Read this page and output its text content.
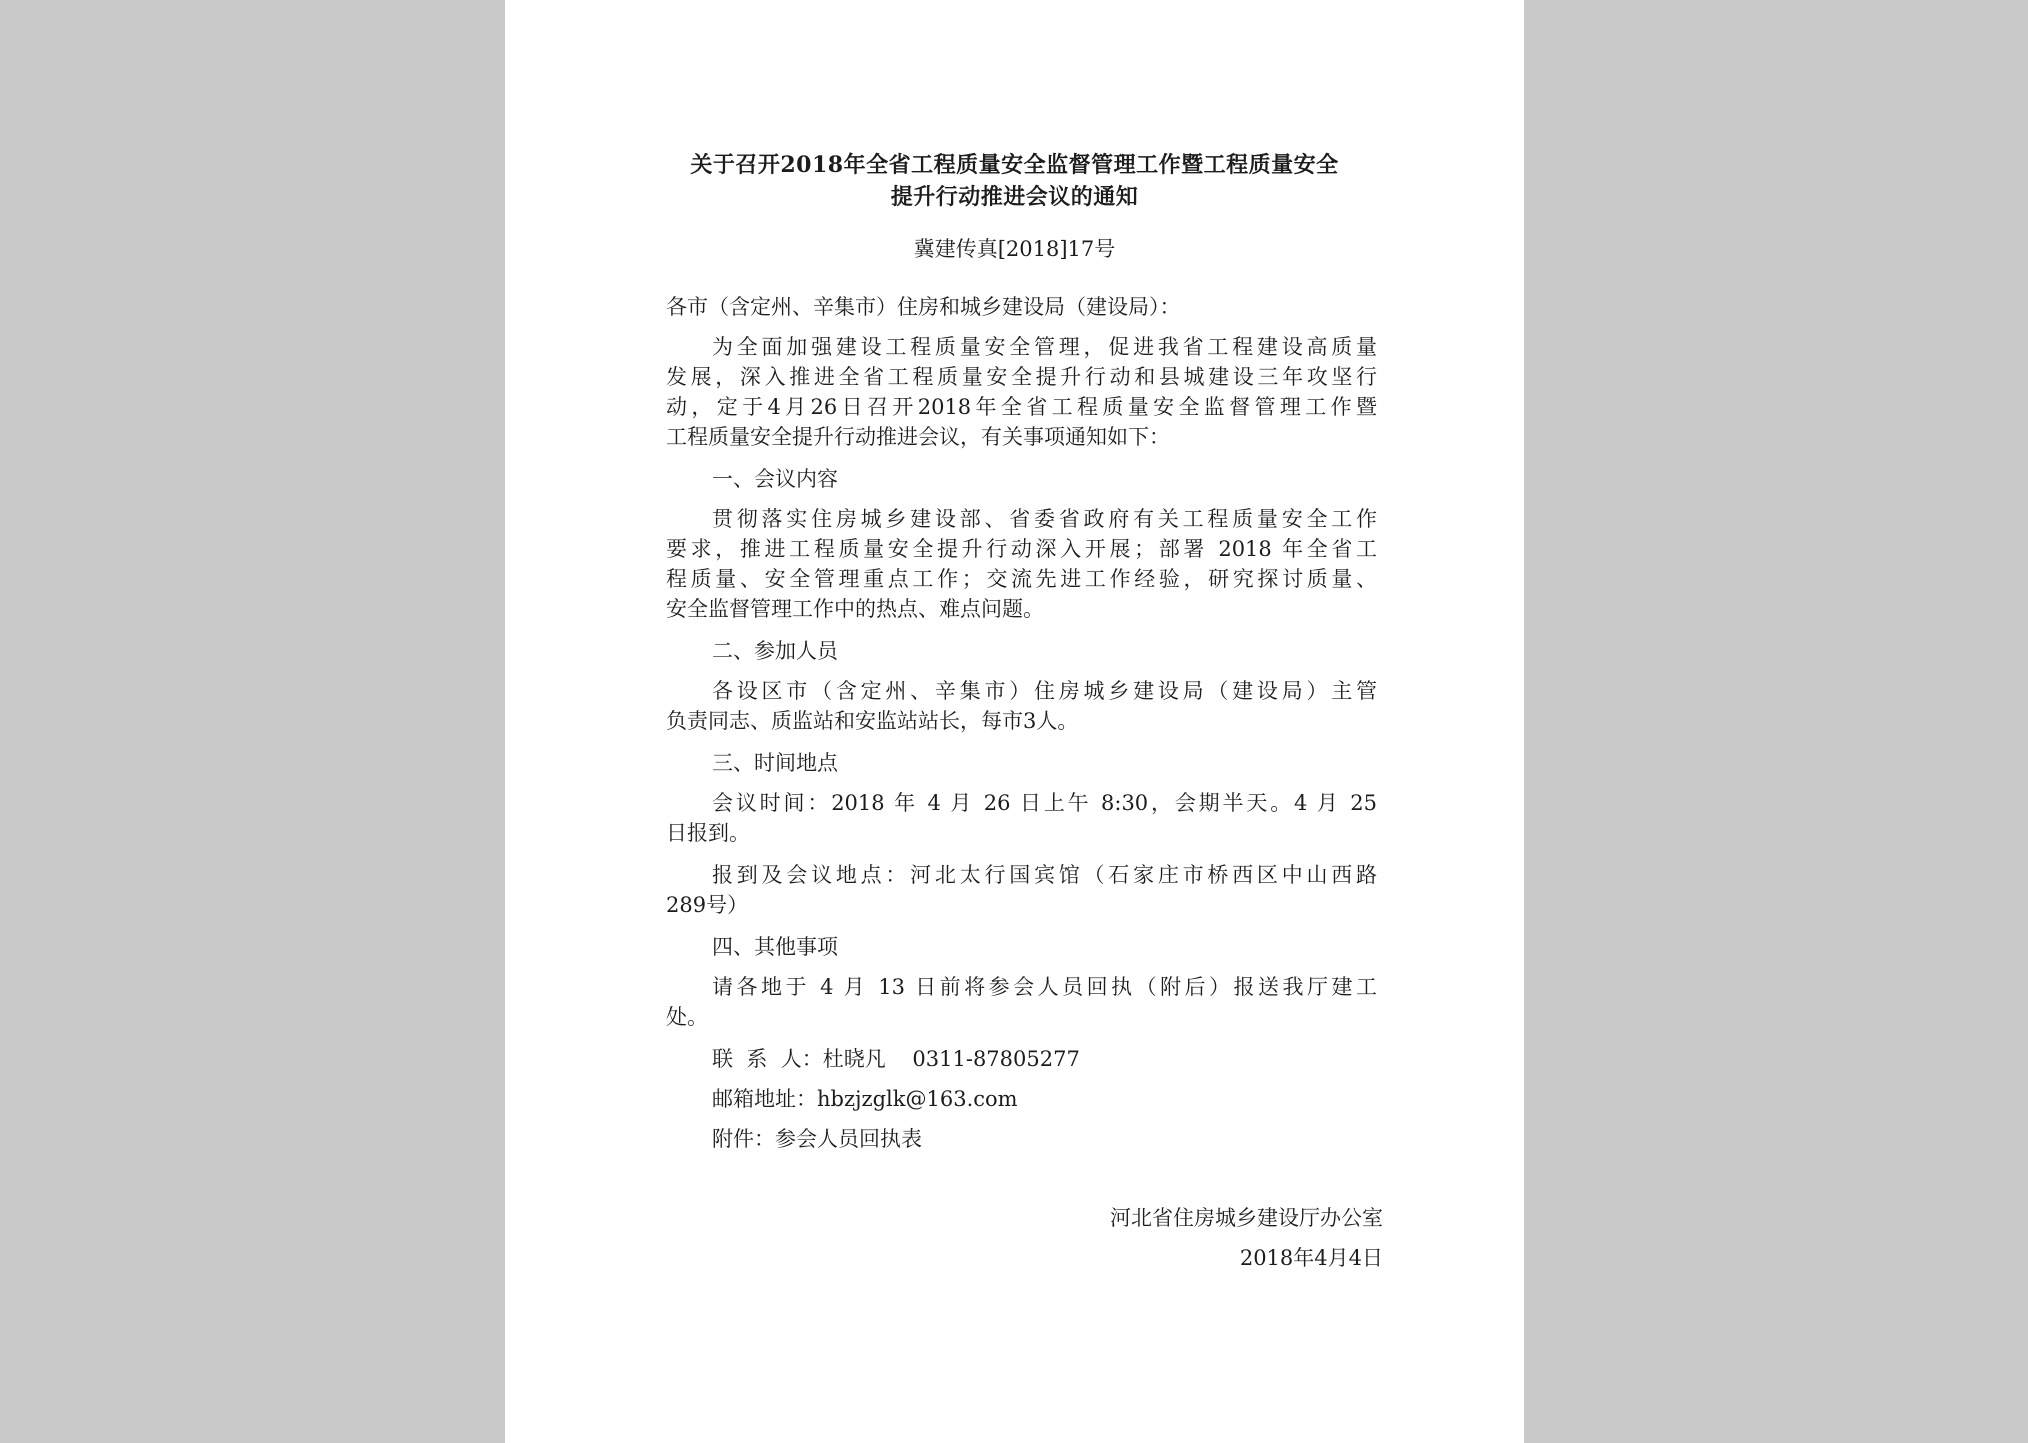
关于召开2018年全省工程质量安全监督管理工作暨工程质量安全
提升行动推进会议的通知
冀建传真[2018]17号
各市（含定州、辛集市）住房和城乡建设局（建设局）：
为全面加强建设工程质量安全管理，促进我省工程建设高质量
发展，深入推进全省工程质量安全提升行动和县城建设三年攻坚行
动，定于4月26日召开2018年全省工程质量安全监督管理工作暨
工程质量安全提升行动推进会议，有关事项通知如下：
一、会议内容
贯彻落实住房城乡建设部、省委省政府有关工程质量安全工作
要求，推进工程质量安全提升行动深入开展；部署 2018 年全省工
程质量、安全管理重点工作；交流先进工作经验，研究探讨质量、
安全监督管理工作中的热点、难点问题。
二、参加人员
各设区市（含定州、辛集市）住房城乡建设局（建设局）主管
负责同志、质监站和安监站站长，每市3人。
三、时间地点
会议时间：2018 年 4 月 26 日上午 8:30，会期半天。4 月 25
日报到。
报到及会议地点：河北太行国宾馆（石家庄市桥西区中山西路
289号）
四、其他事项
请各地于 4 月 13 日前将参会人员回执（附后）报送我厅建工
处。
联  系  人：杜晓凡    0311-87805277
邮箱地址：hbzjzglk@163.com
附件：参会人员回执表
河北省住房城乡建设厅办公室
2018年4月4日
